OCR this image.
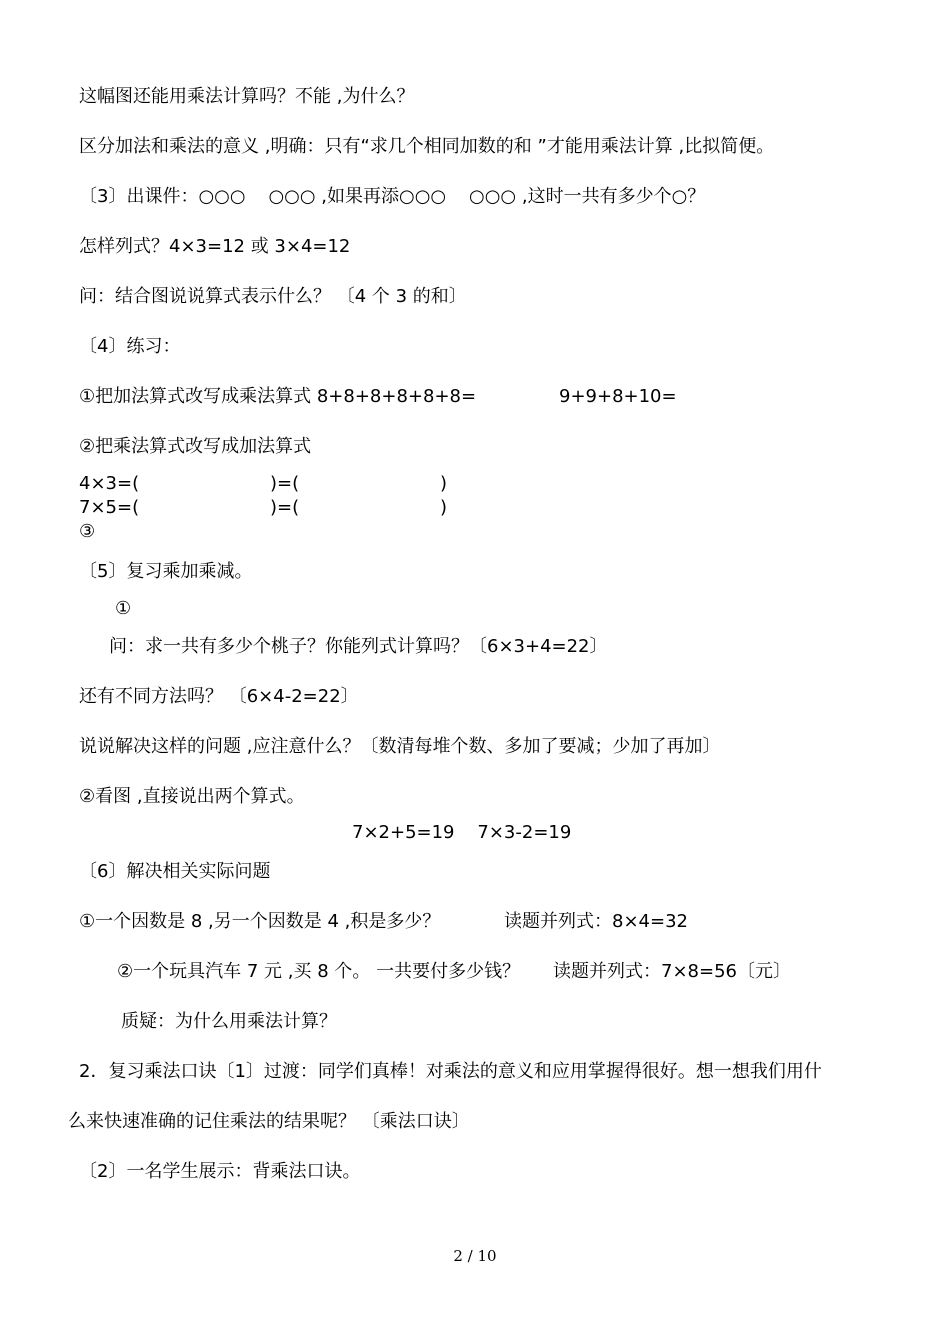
这幅图还能用乘法计算吗？不能 ,为什么？

区分加法和乘法的意义 ,明确：只有“求几个相同加数的和 ”才能用乘法计算 ,比拟简便。

〔3〕出课件：○○○    ○○○ ,如果再添○○○    ○○○ ,这时一共有多少个○？

怎样列式？4×3=12 或 3×4=12

问：结合图说说算式表示什么？ 〔4 个 3 的和〕

〔4〕练习：

①把加法算式改写成乘法算式 8+8+8+8+8+8=	9+9+8+10=

②把乘法算式改写成加法算式

4×3=(	)=(	)

7×5=(	)=(	)

③

〔5〕复习乘加乘减。

①

问：求一共有多少个桃子？你能列式计算吗？〔6×3+4=22〕

还有不同方法吗？ 〔6×4-2=22〕

说说解决这样的问题 ,应注意什么？〔数清每堆个数、多加了要减；少加了再加〕

②看图 ,直接说出两个算式。

7×2+5=19    7×3-2=19

〔6〕解决相关实际问题

①一个因数是 8 ,另一个因数是 4 ,积是多少？	读题并列式：8×4=32

②一个玩具汽车 7 元 ,买 8 个。 一共要付多少钱？ 读题并列式：7×8=56〔元〕

质疑：为什么用乘法计算？

2．复习乘法口诀〔1〕过渡：同学们真棒！对乘法的意义和应用掌握得很好。想一想我们用什

么来快速准确的记住乘法的结果呢？ 〔乘法口诀〕

〔2〕一名学生展示：背乘法口诀。

2 / 10
